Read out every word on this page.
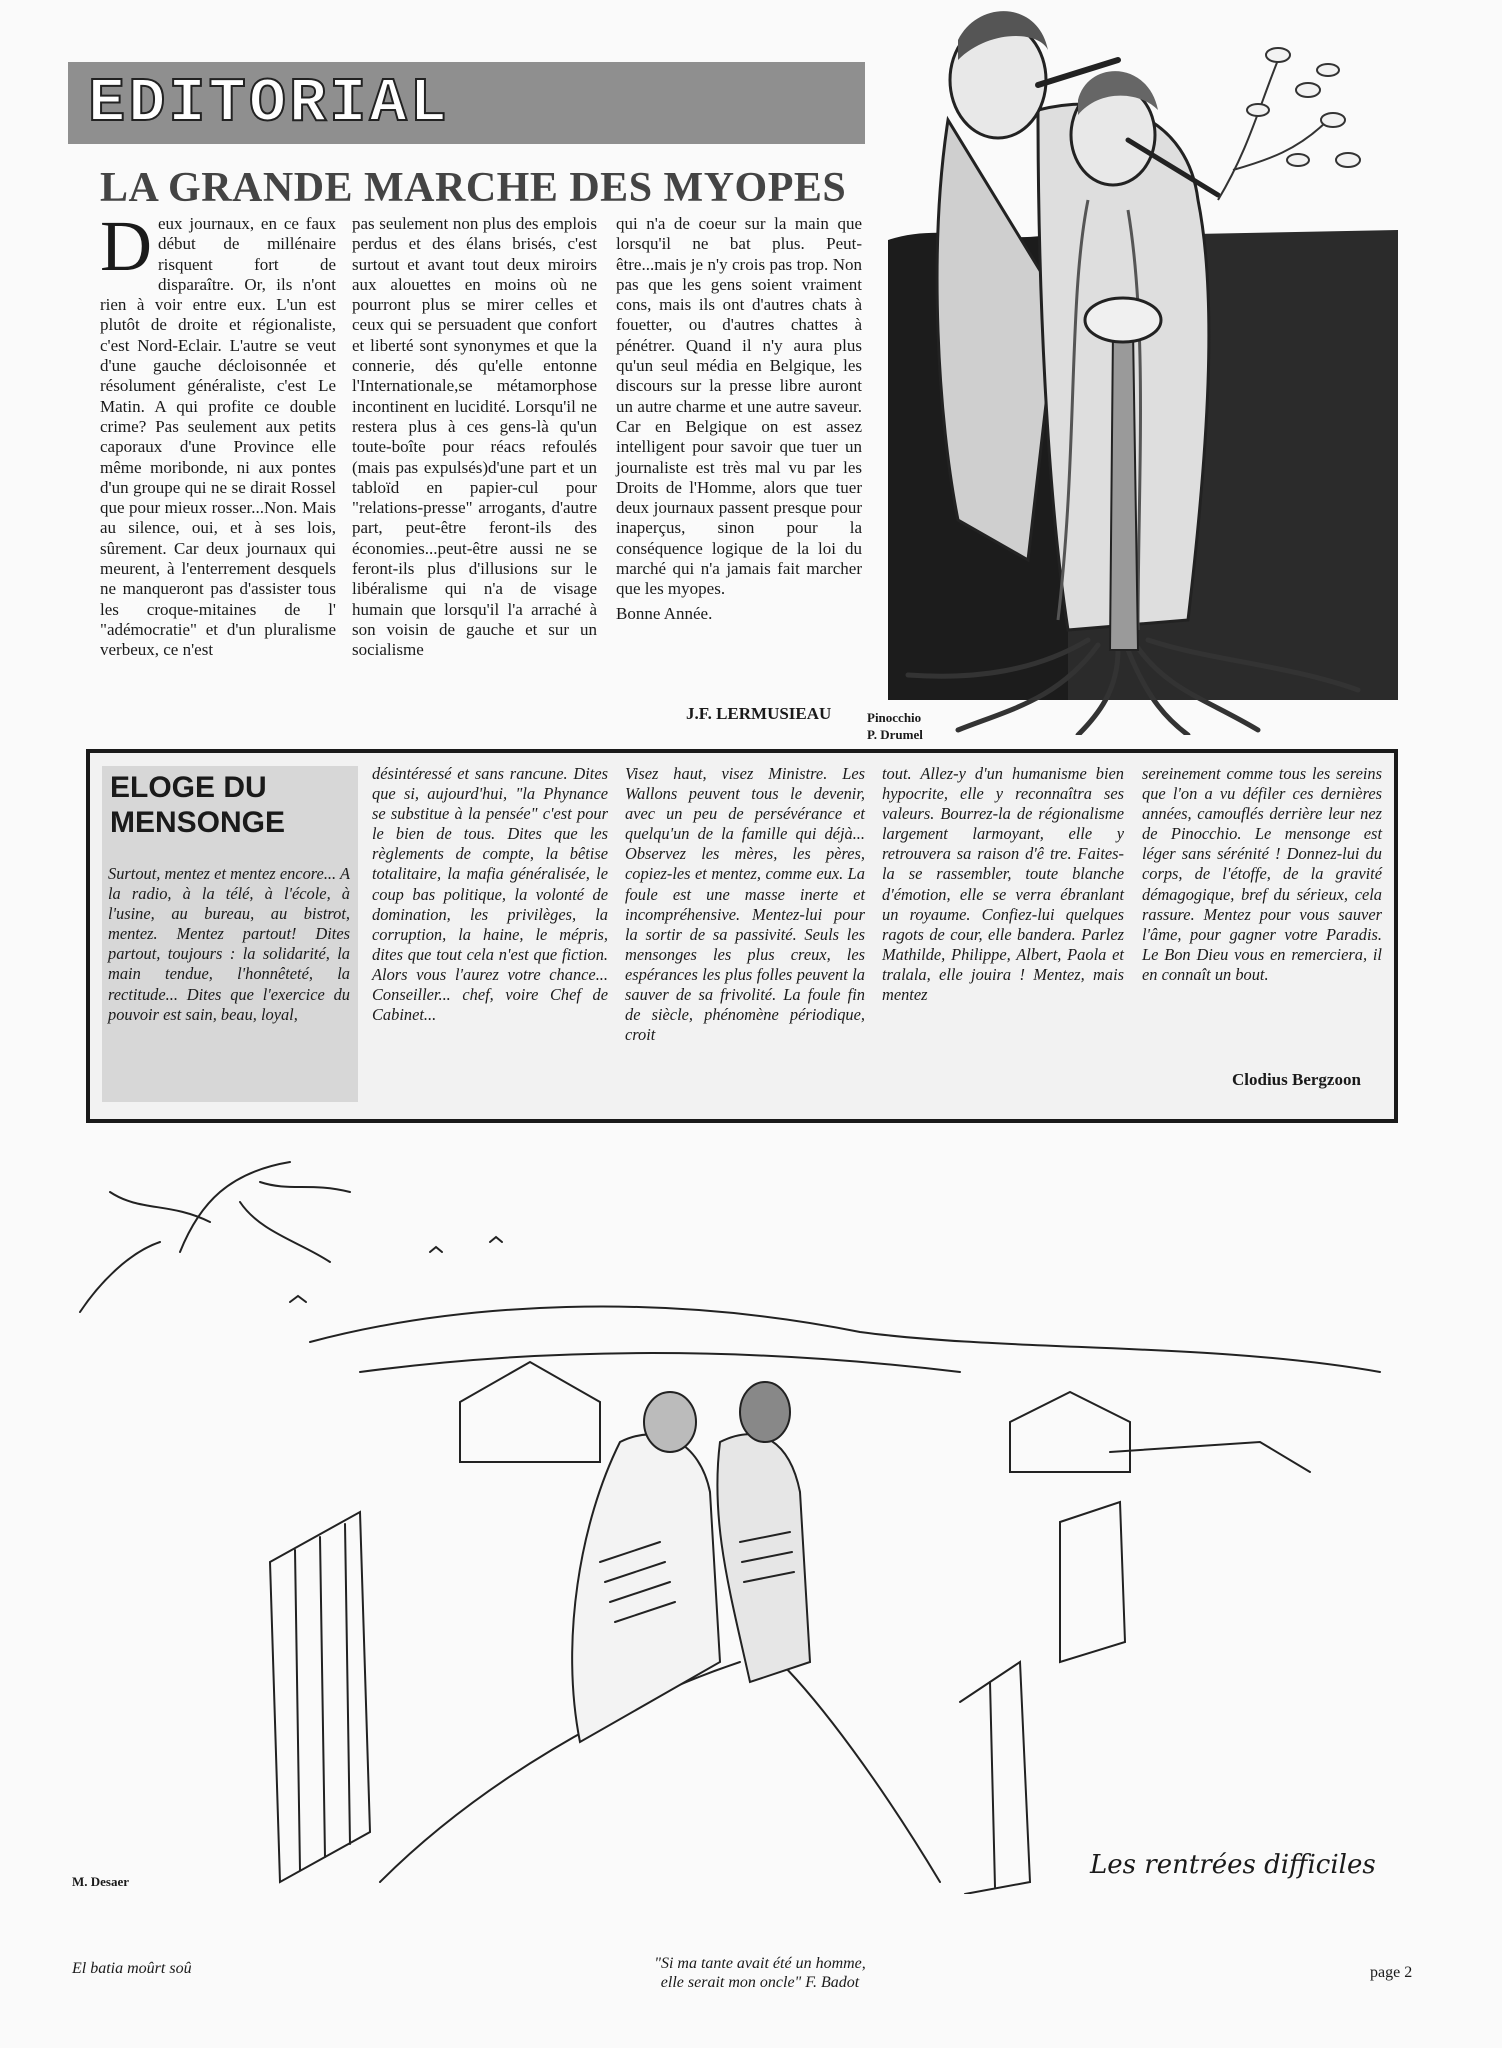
EDITORIAL
LA GRANDE MARCHE DES MYOPES
Deux journaux, en ce faux début de millénaire risquent fort de disparaître. Or, ils n'ont rien à voir entre eux. L'un est plutôt de droite et régionaliste, c'est Nord-Eclair. L'autre se veut d'une gauche décloisonnée et résolument généraliste, c'est Le Matin. A qui profite ce double crime? Pas seulement aux petits caporaux d'une Province elle même moribonde, ni aux pontes d'un groupe qui ne se dirait Rossel que pour mieux rosser...Non. Mais au silence, oui, et à ses lois, sûrement. Car deux journaux qui meurent, à l'enterrement desquels ne manqueront pas d'assister tous les croque-mitaines de l' "adémocratie" et d'un pluralisme verbeux, ce n'est
pas seulement non plus des emplois perdus et des élans brisés, c'est surtout et avant tout deux miroirs aux alouettes en moins où ne pourront plus se mirer celles et ceux qui se persuadent que confort et liberté sont synonymes et que la connerie, dés qu'elle entonne l'Internationale,se métamorphose incontinent en lucidité. Lorsqu'il ne restera plus à ces gens-là qu'un toute-boîte pour réacs refoulés (mais pas expulsés)d'une part et un tabloïd en papier-cul pour "relations-presse" arrogants, d'autre part, peut-être feront-ils des économies...peut-être aussi ne se feront-ils plus d'illusions sur le libéralisme qui n'a de visage humain que lorsqu'il l'a arraché à son voisin de gauche et sur un socialisme
qui n'a de coeur sur la main que lorsqu'il ne bat plus. Peut-être...mais je n'y crois pas trop. Non pas que les gens soient vraiment cons, mais ils ont d'autres chats à fouetter, ou d'autres chattes à pénétrer. Quand il n'y aura plus qu'un seul média en Belgique, les discours sur la presse libre auront un autre charme et une autre saveur. Car en Belgique on est assez intelligent pour savoir que tuer un journaliste est très mal vu par les Droits de l'Homme, alors que tuer deux journaux passent presque pour inaperçus, sinon pour la conséquence logique de la loi du marché qui n'a jamais fait marcher que les myopes.
Bonne Année.
J.F. LERMUSIEAU	Pinocchio
P. Drumel
ELOGE DU MENSONGE
Surtout, mentez et mentez encore... A la radio, à la télé, à l'école, à l'usine, au bureau, au bistrot, mentez. Mentez partout! Dites partout, toujours : la solidarité, la main tendue, l'honnêteté, la rectitude... Dites que l'exercice du pouvoir est sain, beau, loyal,
désintéressé et sans rancune. Dites que si, aujourd'hui, "la Phynance se substitue à la pensée" c'est pour le bien de tous. Dites que les règlements de compte, la bêtise totalitaire, la mafia généralisée, le coup bas politique, la volonté de domination, les privilèges, la corruption, la haine, le mépris, dites que tout cela n'est que fiction. Alors vous l'aurez votre chance... Conseiller... chef, voire Chef de Cabinet...
Visez haut, visez Ministre. Les Wallons peuvent tous le devenir, avec un peu de persévérance et quelqu'un de la famille qui déjà... Observez les mères, les pères, copiez-les et mentez, comme eux. La foule est une masse inerte et incompréhensive. Mentez-lui pour la sortir de sa passivité. Seuls les mensonges les plus creux, les espérances les plus folles peuvent la sauver de sa frivolité. La foule fin de siècle, phénomène périodique, croit
tout. Allez-y d'un humanisme bien hypocrite, elle y reconnaîtra ses valeurs. Bourrez-la de régionalisme largement larmoyant, elle y retrouvera sa raison d'ê tre. Faites-la se rassembler, toute blanche d'émotion, elle se verra ébranlant un royaume. Confiez-lui quelques ragots de cour, elle bandera. Parlez Mathilde, Philippe, Albert, Paola et tralala, elle jouira ! Mentez, mais mentez
sereinement comme tous les sereins que l'on a vu défiler ces dernières années, camouflés derrière leur nez de Pinocchio. Le mensonge est léger sans sérénité ! Donnez-lui du corps, de l'étoffe, de la gravité démagogique, bref du sérieux, cela rassure. Mentez pour vous sauver l'âme, pour gagner votre Paradis. Le Bon Dieu vous en remerciera, il en connaît un bout.
Clodius Bergzoon
M. Desaer
Les rentrées difficiles
El batia moûrt soû	"Si ma tante avait été un homme,
elle serait mon oncle" F. Badot
page 2
